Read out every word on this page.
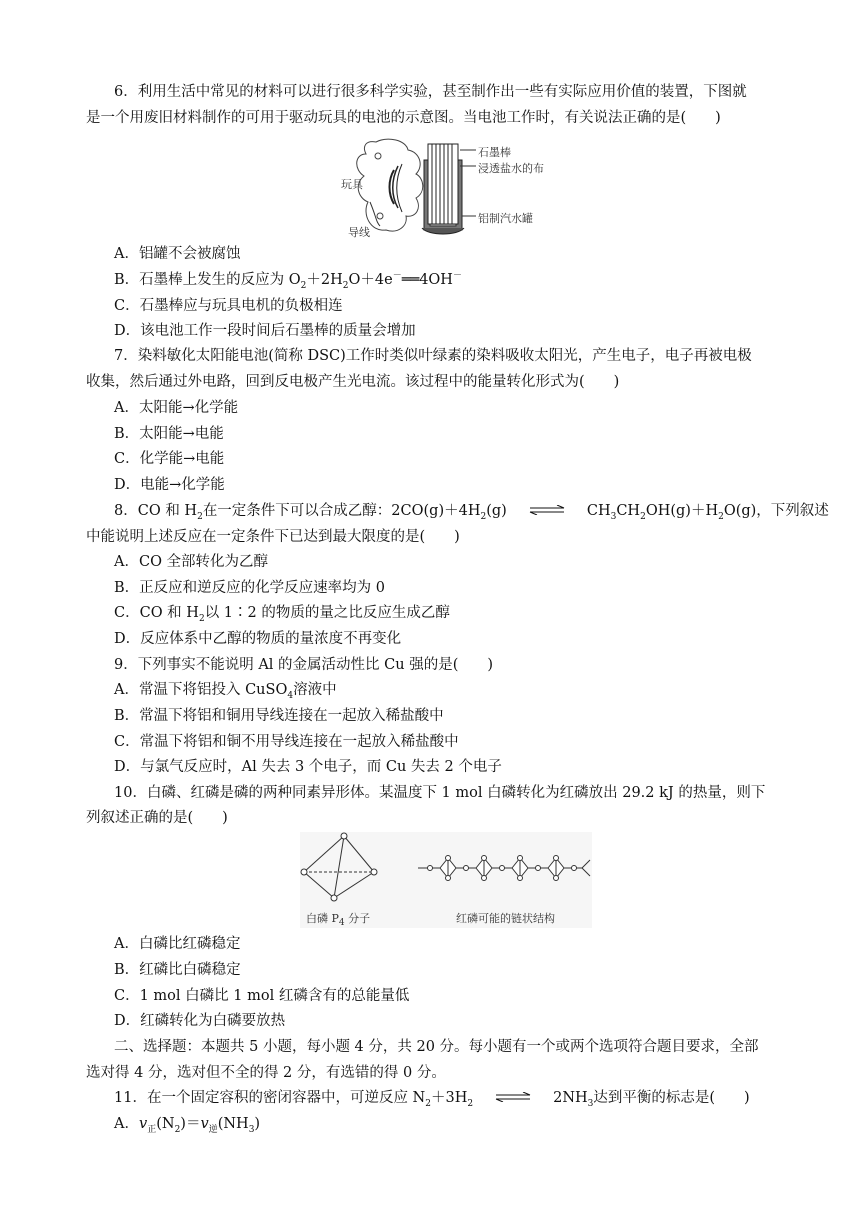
6．利用生活中常见的材料可以进行很多科学实验，甚至制作出一些有实际应用价值的装置，下图就
是一个用废旧材料制作的可用于驱动玩具的电池的示意图。当电池工作时，有关说法正确的是(　　)
玩具
导线
石墨棒
浸透盐水的布
铝制汽水罐
A．铝罐不会被腐蚀
B．石墨棒上发生的反应为 $O_2+2H_2O+4e^-══4OH^-$
C．石墨棒应与玩具电机的负极相连
D．该电池工作一段时间后石墨棒的质量会增加
7．染料敏化太阳能电池(简称 DSC)工作时类似叶绿素的染料吸收太阳光，产生电子，电子再被电极
收集，然后通过外电路，回到反电极产生光电流。该过程中的能量转化形式为(　　)
A．太阳能→化学能
B．太阳能→电能
C．化学能→电能
D．电能→化学能
8．CO 和 $H_2$在一定条件下可以合成乙醇：$2CO(g)+4H_2(g)$	$CH_3CH_2OH(g)+H_2O(g)$，下列叙述
中能说明上述反应在一定条件下已达到最大限度的是(　　)
A．CO 全部转化为乙醇
B．正反应和逆反应的化学反应速率均为 0
C．CO 和 $H_2$以 1∶2 的物质的量之比反应生成乙醇
D．反应体系中乙醇的物质的量浓度不再变化
9．下列事实不能说明 Al 的金属活动性比 Cu 强的是(　　)
A．常温下将铝投入 CuSO$_4$溶液中
B．常温下将铝和铜用导线连接在一起放入稀盐酸中
C．常温下将铝和铜不用导线连接在一起放入稀盐酸中
D．与氯气反应时，Al 失去 3 个电子，而 Cu 失去 2 个电子
10．白磷、红磷是磷的两种同素异形体。某温度下 1 mol 白磷转化为红磷放出 29.2 kJ 的热量，则下
列叙述正确的是(　　)
白磷 $P_4$ 分子	红磷可能的链状结构
A．白磷比红磷稳定
B．红磷比白磷稳定
C．1 mol 白磷比 1 mol 红磷含有的总能量低
D．红磷转化为白磷要放热
二、选择题：本题共 5 小题，每小题 4 分，共 20 分。每小题有一个或两个选项符合题目要求，全部
选对得 4 分，选对但不全的得 2 分，有选错的得 0 分。
11．在一个固定容积的密闭容器中，可逆反应 $N_2+3H_2$	$2NH_3$达到平衡的标志是(　　)
A．$v_正(N_2)=v_逆(NH_3)$
